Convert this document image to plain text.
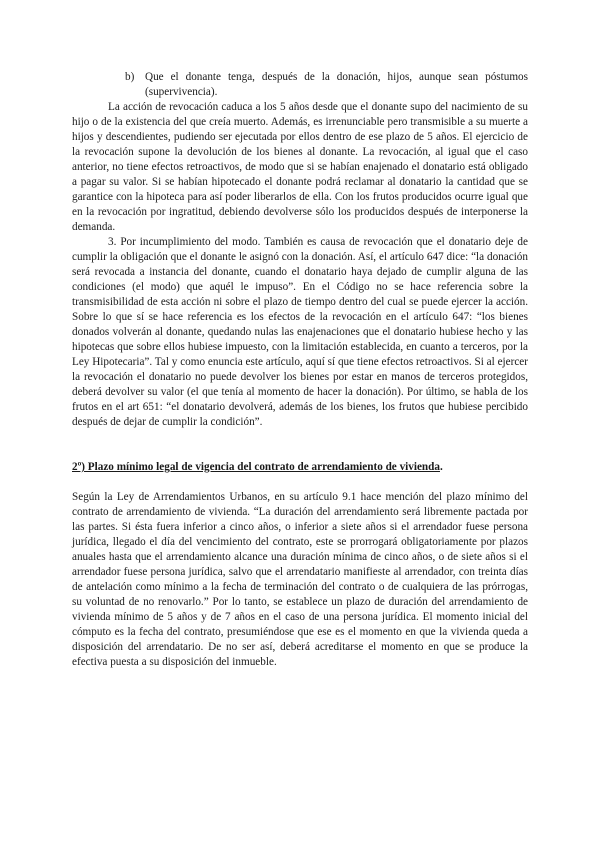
b) Que el donante tenga, después de la donación, hijos, aunque sean póstumos (supervivencia).

La acción de revocación caduca a los 5 años desde que el donante supo del nacimiento de su hijo o de la existencia del que creía muerto. Además, es irrenunciable pero transmisible a su muerte a hijos y descendientes, pudiendo ser ejecutada por ellos dentro de ese plazo de 5 años. El ejercicio de la revocación supone la devolución de los bienes al donante. La revocación, al igual que el caso anterior, no tiene efectos retroactivos, de modo que si se habían enajenado el donatario está obligado a pagar su valor. Si se habían hipotecado el donante podrá reclamar al donatario la cantidad que se garantice con la hipoteca para así poder liberarlos de ella. Con los frutos producidos ocurre igual que en la revocación por ingratitud, debiendo devolverse sólo los producidos después de interponerse la demanda.

3. Por incumplimiento del modo. También es causa de revocación que el donatario deje de cumplir la obligación que el donante le asignó con la donación. Así, el artículo 647 dice: “la donación será revocada a instancia del donante, cuando el donatario haya dejado de cumplir alguna de las condiciones (el modo) que aquél le impuso”. En el Código no se hace referencia sobre la transmisibilidad de esta acción ni sobre el plazo de tiempo dentro del cual se puede ejercer la acción. Sobre lo que sí se hace referencia es los efectos de la revocación en el artículo 647: “los bienes donados volverán al donante, quedando nulas las enajenaciones que el donatario hubiese hecho y las hipotecas que sobre ellos hubiese impuesto, con la limitación establecida, en cuanto a terceros, por la Ley Hipotecaria”. Tal y como enuncia este artículo, aquí sí que tiene efectos retroactivos. Si al ejercer la revocación el donatario no puede devolver los bienes por estar en manos de terceros protegidos, deberá devolver su valor (el que tenía al momento de hacer la donación). Por último, se habla de los frutos en el art 651: “el donatario devolverá, además de los bienes, los frutos que hubiese percibido después de dejar de cumplir la condición”.

2º) Plazo mínimo legal de vigencia del contrato de arrendamiento de vivienda.

Según la Ley de Arrendamientos Urbanos, en su artículo 9.1 hace mención del plazo mínimo del contrato de arrendamiento de vivienda. “La duración del arrendamiento será libremente pactada por las partes. Si ésta fuera inferior a cinco años, o inferior a siete años si el arrendador fuese persona jurídica, llegado el día del vencimiento del contrato, este se prorrogará obligatoriamente por plazos anuales hasta que el arrendamiento alcance una duración mínima de cinco años, o de siete años si el arrendador fuese persona jurídica, salvo que el arrendatario manifieste al arrendador, con treinta días de antelación como mínimo a la fecha de terminación del contrato o de cualquiera de las prórrogas, su voluntad de no renovarlo.” Por lo tanto, se establece un plazo de duración del arrendamiento de vivienda mínimo de 5 años y de 7 años en el caso de una persona jurídica. El momento inicial del cómputo es la fecha del contrato, presumiéndose que ese es el momento en que la vivienda queda a disposición del arrendatario. De no ser así, deberá acreditarse el momento en que se produce la efectiva puesta a su disposición del inmueble.
